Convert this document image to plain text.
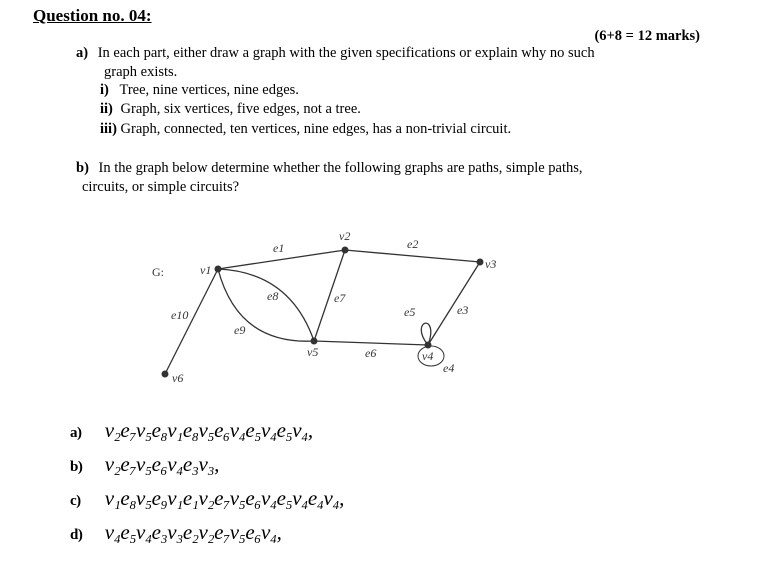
Question no. 04:
(6+8 = 12 marks)
a) In each part, either draw a graph with the given specifications or explain why no such
graph exists.
i) Tree, nine vertices, nine edges.
ii) Graph, six vertices, five edges, not a tree.
iii) Graph, connected, ten vertices, nine edges, has a non-trivial circuit.
b) In the graph below determine whether the following graphs are paths, simple paths,
circuits, or simple circuits?
G:	v1
v2
v3
v4
v5
v6
e1	e2
e3
e5
e6
e7
e8
e9
e10
e4
a) v₂e₇v₅e₈v₁e₈v₅e₆v₄e₅v₄e₅v₄,
b) v₂e₇v₅e₆v₄e₃v₃,
c) v₁e₈v₅e₉v₁e₁v₂e₇v₅e₆v₄e₅v₄e₄v₄,
d) v₄e₅v₄e₃v₃e₂v₂e₇v₅e₆v₄,
